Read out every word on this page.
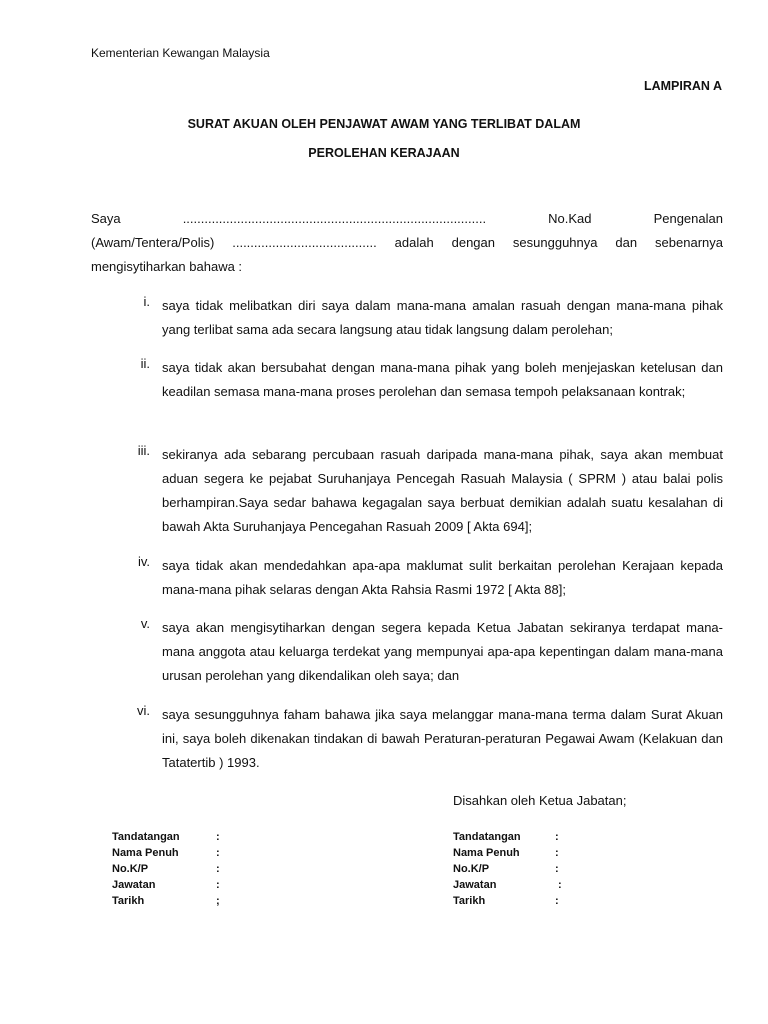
Kementerian Kewangan Malaysia
LAMPIRAN A
SURAT AKUAN OLEH PENJAWAT AWAM YANG TERLIBAT DALAM
PEROLEHAN KERAJAAN
Saya	....................................................................................	No.Kad	Pengenalan
(Awam/Tentera/Polis) ........................................ adalah dengan sesungguhnya dan sebenarnya
mengisytiharkan bahawa :
i. saya tidak melibatkan diri saya dalam mana-mana amalan rasuah dengan mana-mana pihak yang terlibat sama ada secara langsung atau tidak langsung dalam perolehan;
ii. saya tidak akan bersubahat dengan mana-mana pihak yang boleh menjejaskan ketelusan dan keadilan semasa mana-mana proses perolehan dan semasa tempoh pelaksanaan kontrak;
iii. sekiranya ada sebarang percubaan rasuah daripada mana-mana pihak, saya akan membuat aduan segera ke pejabat Suruhanjaya Pencegah Rasuah Malaysia ( SPRM ) atau balai polis berhampiran.Saya sedar bahawa kegagalan saya berbuat demikian adalah suatu kesalahan di bawah Akta Suruhanjaya Pencegahan Rasuah 2009 [ Akta 694];
iv. saya tidak akan mendedahkan apa-apa maklumat sulit berkaitan perolehan Kerajaan kepada mana-mana pihak selaras dengan Akta Rahsia Rasmi 1972 [ Akta 88];
v. saya akan mengisytiharkan dengan segera kepada Ketua Jabatan sekiranya terdapat mana-mana anggota atau keluarga terdekat yang mempunyai apa-apa kepentingan dalam mana-mana urusan perolehan yang dikendalikan oleh saya; dan
vi. saya sesungguhnya faham bahawa jika saya melanggar mana-mana terma dalam Surat Akuan ini, saya boleh dikenakan tindakan di bawah Peraturan-peraturan Pegawai Awam (Kelakuan dan Tatatertib ) 1993.
Disahkan oleh Ketua Jabatan;
Tandatangan	:
Nama Penuh	:
No.K/P	:
Jawatan	:
Tarikh	;
Tandatangan	:
Nama Penuh	:
No.K/P	:
Jawatan	:
Tarikh	:
